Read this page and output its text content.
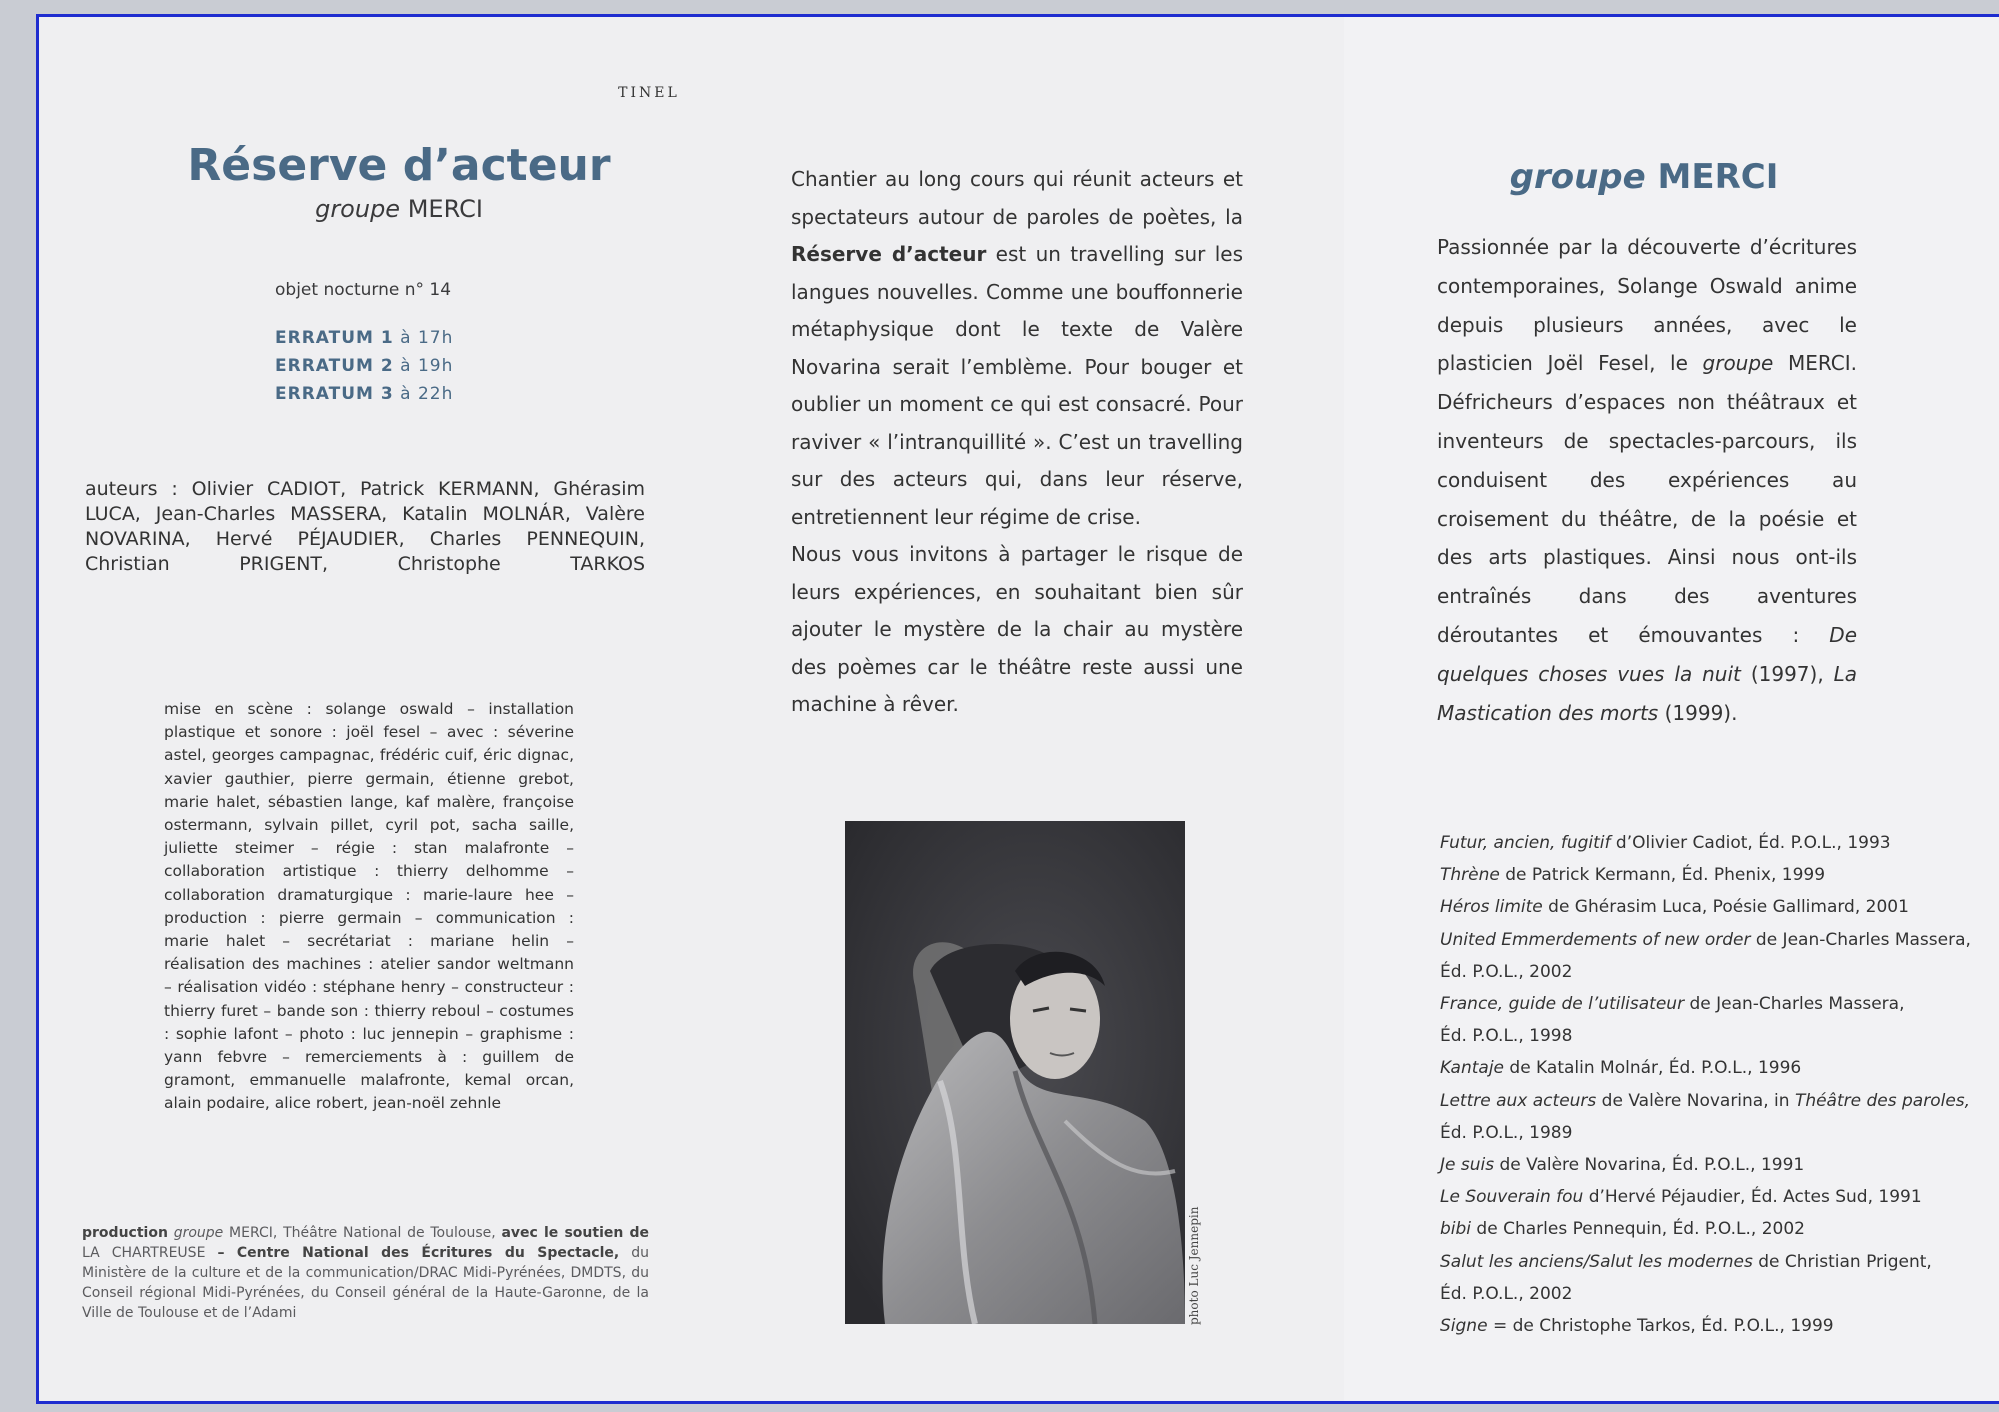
TINEL
Réserve d’acteur
groupe MERCI
objet nocturne n° 14
ERRATUM 1 à 17h
ERRATUM 2 à 19h
ERRATUM 3 à 22h
auteurs : Olivier CADIOT, Patrick KERMANN, Ghérasim LUCA, Jean-Charles MASSERA, Katalin MOLNÁR, Valère NOVARINA, Hervé PÉJAUDIER, Charles PENNEQUIN, Christian PRIGENT, Christophe TARKOS
mise en scène : solange oswald – installation plastique et sonore : joël fesel – avec : séverine astel, georges campagnac, frédéric cuif, éric dignac, xavier gauthier, pierre germain, étienne grebot, marie halet, sébastien lange, kaf malère, françoise ostermann, sylvain pillet, cyril pot, sacha saille, juliette steimer – régie : stan malafronte – collaboration artistique : thierry delhomme – collaboration dramaturgique : marie-laure hee – production : pierre germain – communication : marie halet – secrétariat : mariane helin – réalisation des machines : atelier sandor weltmann – réalisation vidéo : stéphane henry – constructeur : thierry furet – bande son : thierry reboul – costumes : sophie lafont – photo : luc jennepin – graphisme : yann febvre – remerciements à : guillem de gramont, emmanuelle malafronte, kemal orcan, alain podaire, alice robert, jean-noël zehnle
production groupe MERCI, Théâtre National de Toulouse, avec le soutien de LA CHARTREUSE – Centre National des Écritures du Spectacle, du Ministère de la culture et de la communication/DRAC Midi-Pyrénées, DMDTS, du Conseil régional Midi-Pyrénées, du Conseil général de la Haute-Garonne, de la Ville de Toulouse et de l’Adami

Chantier au long cours qui réunit acteurs et spectateurs autour de paroles de poètes, la Réserve d’acteur est un travelling sur les langues nouvelles. Comme une bouffonnerie métaphysique dont le texte de Valère Novarina serait l’emblème. Pour bouger et oublier un moment ce qui est consacré. Pour raviver « l’intranquillité ». C’est un travelling sur des acteurs qui, dans leur réserve, entretiennent leur régime de crise.

Nous vous invitons à partager le risque de leurs expériences, en souhaitant bien sûr ajouter le mystère de la chair au mystère des poèmes car le théâtre reste aussi une machine à rêver.

photo Luc Jennepin
groupe MERCI
Passionnée par la découverte d’écritures contemporaines, Solange Oswald anime depuis plusieurs années, avec le plasticien Joël Fesel, le groupe MERCI. Défricheurs d’espaces non théâtraux et inventeurs de spectacles-parcours, ils conduisent des expériences au croisement du théâtre, de la poésie et des arts plastiques. Ainsi nous ont-ils entraînés dans des aventures déroutantes et émouvantes : De quelques choses vues la nuit (1997), La Mastication des morts (1999).
Futur, ancien, fugitif d’Olivier Cadiot, Éd. P.O.L., 1993
Thrène de Patrick Kermann, Éd. Phenix, 1999
Héros limite de Ghérasim Luca, Poésie Gallimard, 2001
United Emmerdements of new order de Jean-Charles Massera,
Éd. P.O.L., 2002
France, guide de l’utilisateur de Jean-Charles Massera,
Éd. P.O.L., 1998
Kantaje de Katalin Molnár, Éd. P.O.L., 1996
Lettre aux acteurs de Valère Novarina, in Théâtre des paroles,
Éd. P.O.L., 1989
Je suis de Valère Novarina, Éd. P.O.L., 1991
Le Souverain fou d’Hervé Péjaudier, Éd. Actes Sud, 1991
bibi de Charles Pennequin, Éd. P.O.L., 2002
Salut les anciens/Salut les modernes de Christian Prigent,
Éd. P.O.L., 2002
Signe = de Christophe Tarkos, Éd. P.O.L., 1999
